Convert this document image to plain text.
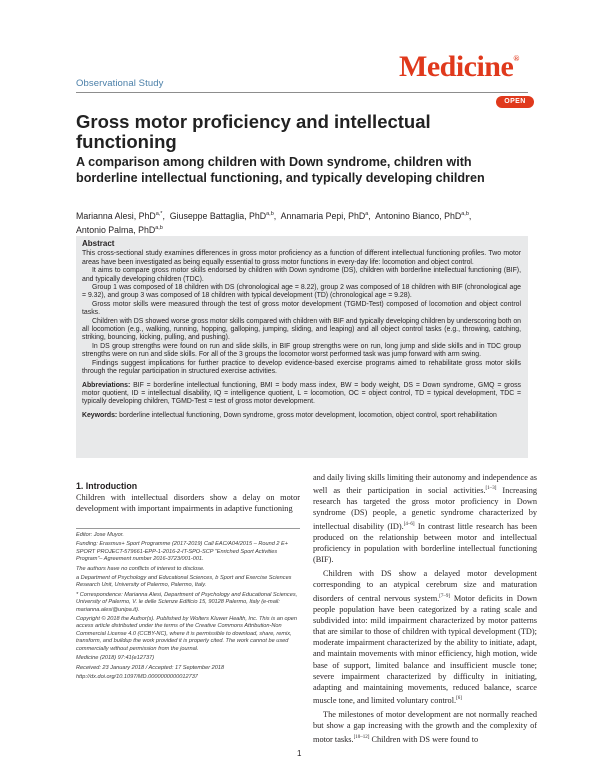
Observational Study
Medicine®
OPEN
Gross motor proficiency and intellectual functioning
A comparison among children with Down syndrome, children with borderline intellectual functioning, and typically developing children
Marianna Alesi, PhD$^{a,*}$,  Giuseppe Battaglia, PhD$^{a,b}$,  Annamaria Pepi, PhD$^a$,  Antonino Bianco, PhD$^{a,b}$,
Antonio Palma, PhD$^{a,b}$
Abstract

This cross-sectional study examines differences in gross motor proficiency as a function of different intellectual functioning profiles. Two motor areas have been investigated as being equally essential to gross motor functions in every-day life: locomotion and object control.

It aims to compare gross motor skills endorsed by children with Down syndrome (DS), children with borderline intellectual functioning (BIF), and typically developing children (TDC).

Group 1 was composed of 18 children with DS (chronological age = 8.22), group 2 was composed of 18 children with BIF (chronological age = 9.32), and group 3 was composed of 18 children with typical development (TD) (chronological age = 9.28).

Gross motor skills were measured through the test of gross motor development (TGMD-Test) composed of locomotion and object control tasks.

Children with DS showed worse gross motor skills compared with children with BIF and typically developing children by underscoring both on all locomotion (e.g., walking, running, hopping, galloping, jumping, sliding, and leaping) and all object control tasks (e.g., throwing, catching, striking, bouncing, kicking, pulling, and pushing).

In DS group strengths were found on run and slide skills, in BIF group strengths were on run, long jump and slide skills and in TDC group strengths were on run and slide skills. For all of the 3 groups the locomotor worst performed task was jump forward with arm swing.

Findings suggest implications for further practice to develop evidence-based exercise programs aimed to rehabilitate gross motor skills through the regular participation in structured exercise activities.

Abbreviations: BIF = borderline intellectual functioning, BMI = body mass index, BW = body weight, DS = Down syndrome, GMQ = gross motor quotient, ID = intellectual disability, IQ = intelligence quotient, L = locomotion, OC = object control, TD = typical development, TDC = typically developing children, TGMD-Test = test of gross motor development.

Keywords: borderline intellectual functioning, Down syndrome, gross motor development, locomotion, object control, sport rehabilitation

1. Introduction

Children with intellectual disorders show a delay on motor development with important impairments in adaptive functioning

Editor: Jose Muyor.

Funding: Erasmus+ Sport Programme (2017-2019) Call EAC/A04/2015 – Round 2 E+ SPORT PROJECT-579661-EPP-1-2016-2-IT-SPO-SCP “Enriched Sport Activities Program”– Agreement number 2016-3723/001-001.

The authors have no conflicts of interest to disclose.

a Department of Psychology and Educational Sciences, b Sport and Exercise Sciences Research Unit, University of Palermo, Palermo, Italy.

* Correspondence: Marianna Alesi, Department of Psychology and Educational Sciences, University of Palermo, V. le delle Scienze Edificio 15, 90128 Palermo, Italy (e-mail: marianna.alesi@unipa.it).

Copyright © 2018 the Author(s). Published by Wolters Kluwer Health, Inc. This is an open access article distributed under the terms of the Creative Commons Attribution-Non Commercial License 4.0 (CCBY-NC), where it is permissible to download, share, remix, transform, and buildup the work provided it is properly cited. The work cannot be used commercially without permission from the journal.

Medicine (2018) 97:41(e12737)

Received: 23 January 2018 / Accepted: 17 September 2018

http://dx.doi.org/10.1097/MD.0000000000012737

and daily living skills limiting their autonomy and independence as well as their participation in social activities.[1–3] Increasing research has targeted the gross motor proficiency in Down syndrome (DS) people, a genetic syndrome characterized by intellectual disability (ID).[4–6] In contrast little research has been produced on the relationship between motor and intellectual proficiency in population with borderline intellectual functioning (BIF).

Children with DS show a delayed motor development corresponding to an atypical cerebrum size and maturation disorders of central nervous system.[7–9] Motor deficits in Down people population have been categorized by a rating scale and subdivided into: mild impairment characterized by motor patterns that are similar to those of children with typical development (TD); moderate impairment characterized by the ability to initiate, adapt, and maintain movements with minor efficiency, high motion, wide base of support, limited balance and insufficient muscle tone; severe impairment characterized by difficulty in initiating, adapting and maintaining movements, reduced balance, scarce muscle tone, and limited voluntary control.[6]

The milestones of motor development are not normally reached but show a gap increasing with the growth and the complexity of motor tasks.[10–12] Children with DS were found to

1
